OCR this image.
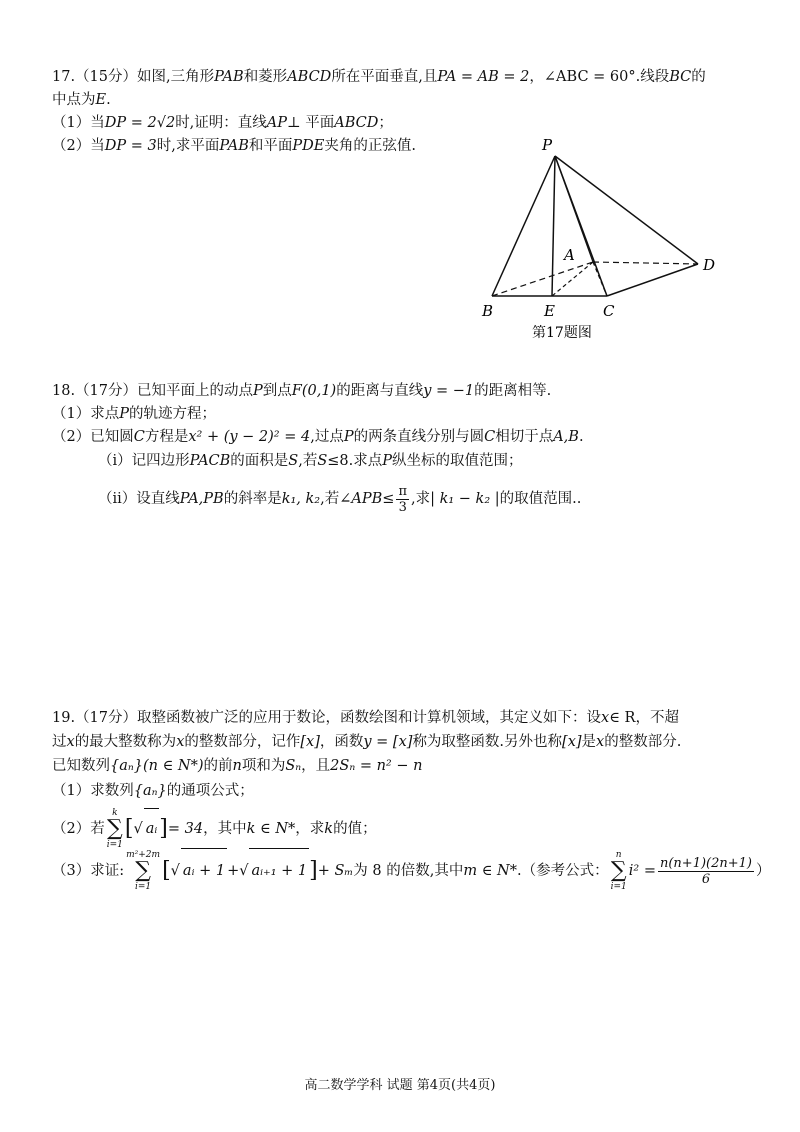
17.（15分）如图,三角形PAB和菱形ABCD所在平面垂直,且PA = AB = 2，∠ABC = 60°.线段BC的
中点为E.
（1）当DP = 2√2时,证明：直线AP⊥ 平面ABCD；
（2）当DP = 3时,求平面PAB和平面PDE夹角的正弦值.	P
A
B	E	C
D
第17题图
18.（17分）已知平面上的动点P到点F(0,1)的距离与直线y = −1的距离相等.
（1）求点P的轨迹方程；
（2）已知圆C方程是x² + (y − 2)² = 4,过点P的两条直线分别与圆C相切于点A,B.
（i）记四边形PACB的面积是S,若S≤8.求点P纵坐标的取值范围；
（ii）设直线PA,PB的斜率是k₁, k₂,若∠APB≤ $\frac{\pi}{3}$ ,求| k₁ − k₂ |的取值范围..
19.（17分）取整函数被广泛的应用于数论，函数绘图和计算机领域，其定义如下：设x∈ R，不超
过x的最大整数称为x的整数部分，记作[x]，函数y = [x]称为取整函数.另外也称[x]是x的整数部分.
已知数列{aₙ}(n ∈ N*)的前n项和为Sₙ，且2Sₙ = n² − n
（1）求数列{aₙ}的通项公式；
（2）若
k
∑
i=1
[√ aᵢ]= 34，其中k ∈ N*，求k的值；
（3）求证:
m²+2m
∑
i=1
[√ aᵢ + 1 +√ aᵢ₊₁ + 1]+ Sₘ为 8 的倍数,其中m ∈ N*.（参考公式：
n
∑
i=1
$i^2 = \frac{n(n+1)(2n+1)}{6}$ ）
高二数学学科 试题 第4页(共4页)
